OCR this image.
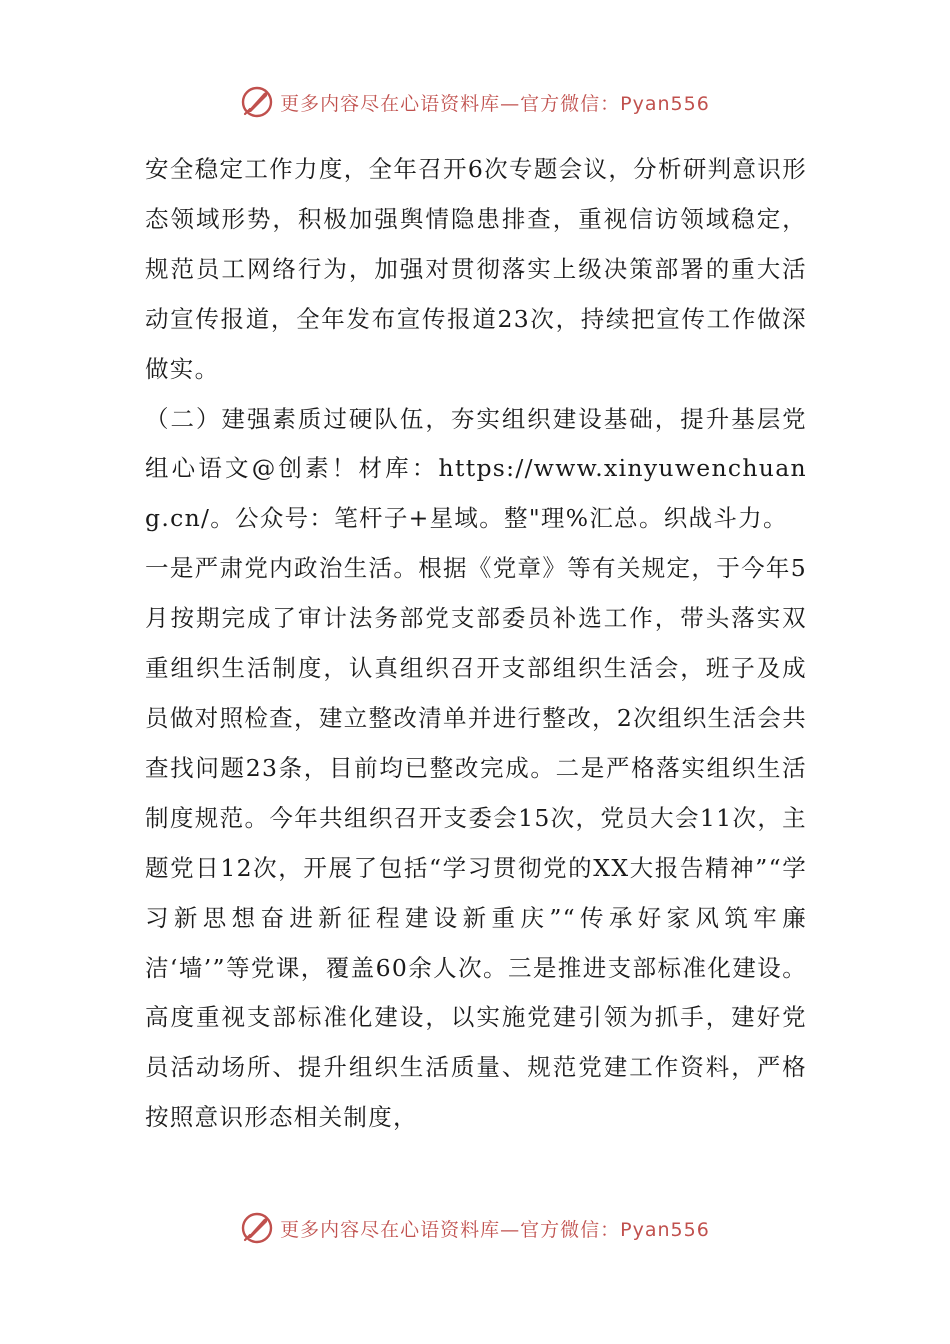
更多内容尽在心语资料库—官方微信：Pyan556

安全稳定工作力度，全年召开6次专题会议，分析研判意识形态领域形势，积极加强舆情隐患排查，重视信访领域稳定，规范员工网络行为，加强对贯彻落实上级决策部署的重大活动宣传报道，全年发布宣传报道23次，持续把宣传工作做深做实。

（二）建强素质过硬队伍，夯实组织建设基础，提升基层党组心语文@创素！材库：https://www.xinyuwenchuang.cn/。公众号：笔杆子+星域。整"理%汇总。织战斗力。

一是严肃党内政治生活。根据《党章》等有关规定，于今年5月按期完成了审计法务部党支部委员补选工作，带头落实双重组织生活制度，认真组织召开支部组织生活会，班子及成员做对照检查，建立整改清单并进行整改，2次组织生活会共查找问题23条，目前均已整改完成。二是严格落实组织生活制度规范。今年共组织召开支委会15次，党员大会11次，主题党日12次，开展了包括“学习贯彻党的XX大报告精神”“学习新思想奋进新征程建设新重庆”“传承好家风筑牢廉洁‘墙’”等党课，覆盖60余人次。三是推进支部标准化建设。高度重视支部标准化建设，以实施党建引领为抓手，建好党员活动场所、提升组织生活质量、规范党建工作资料，严格按照意识形态相关制度，

更多内容尽在心语资料库—官方微信：Pyan556
